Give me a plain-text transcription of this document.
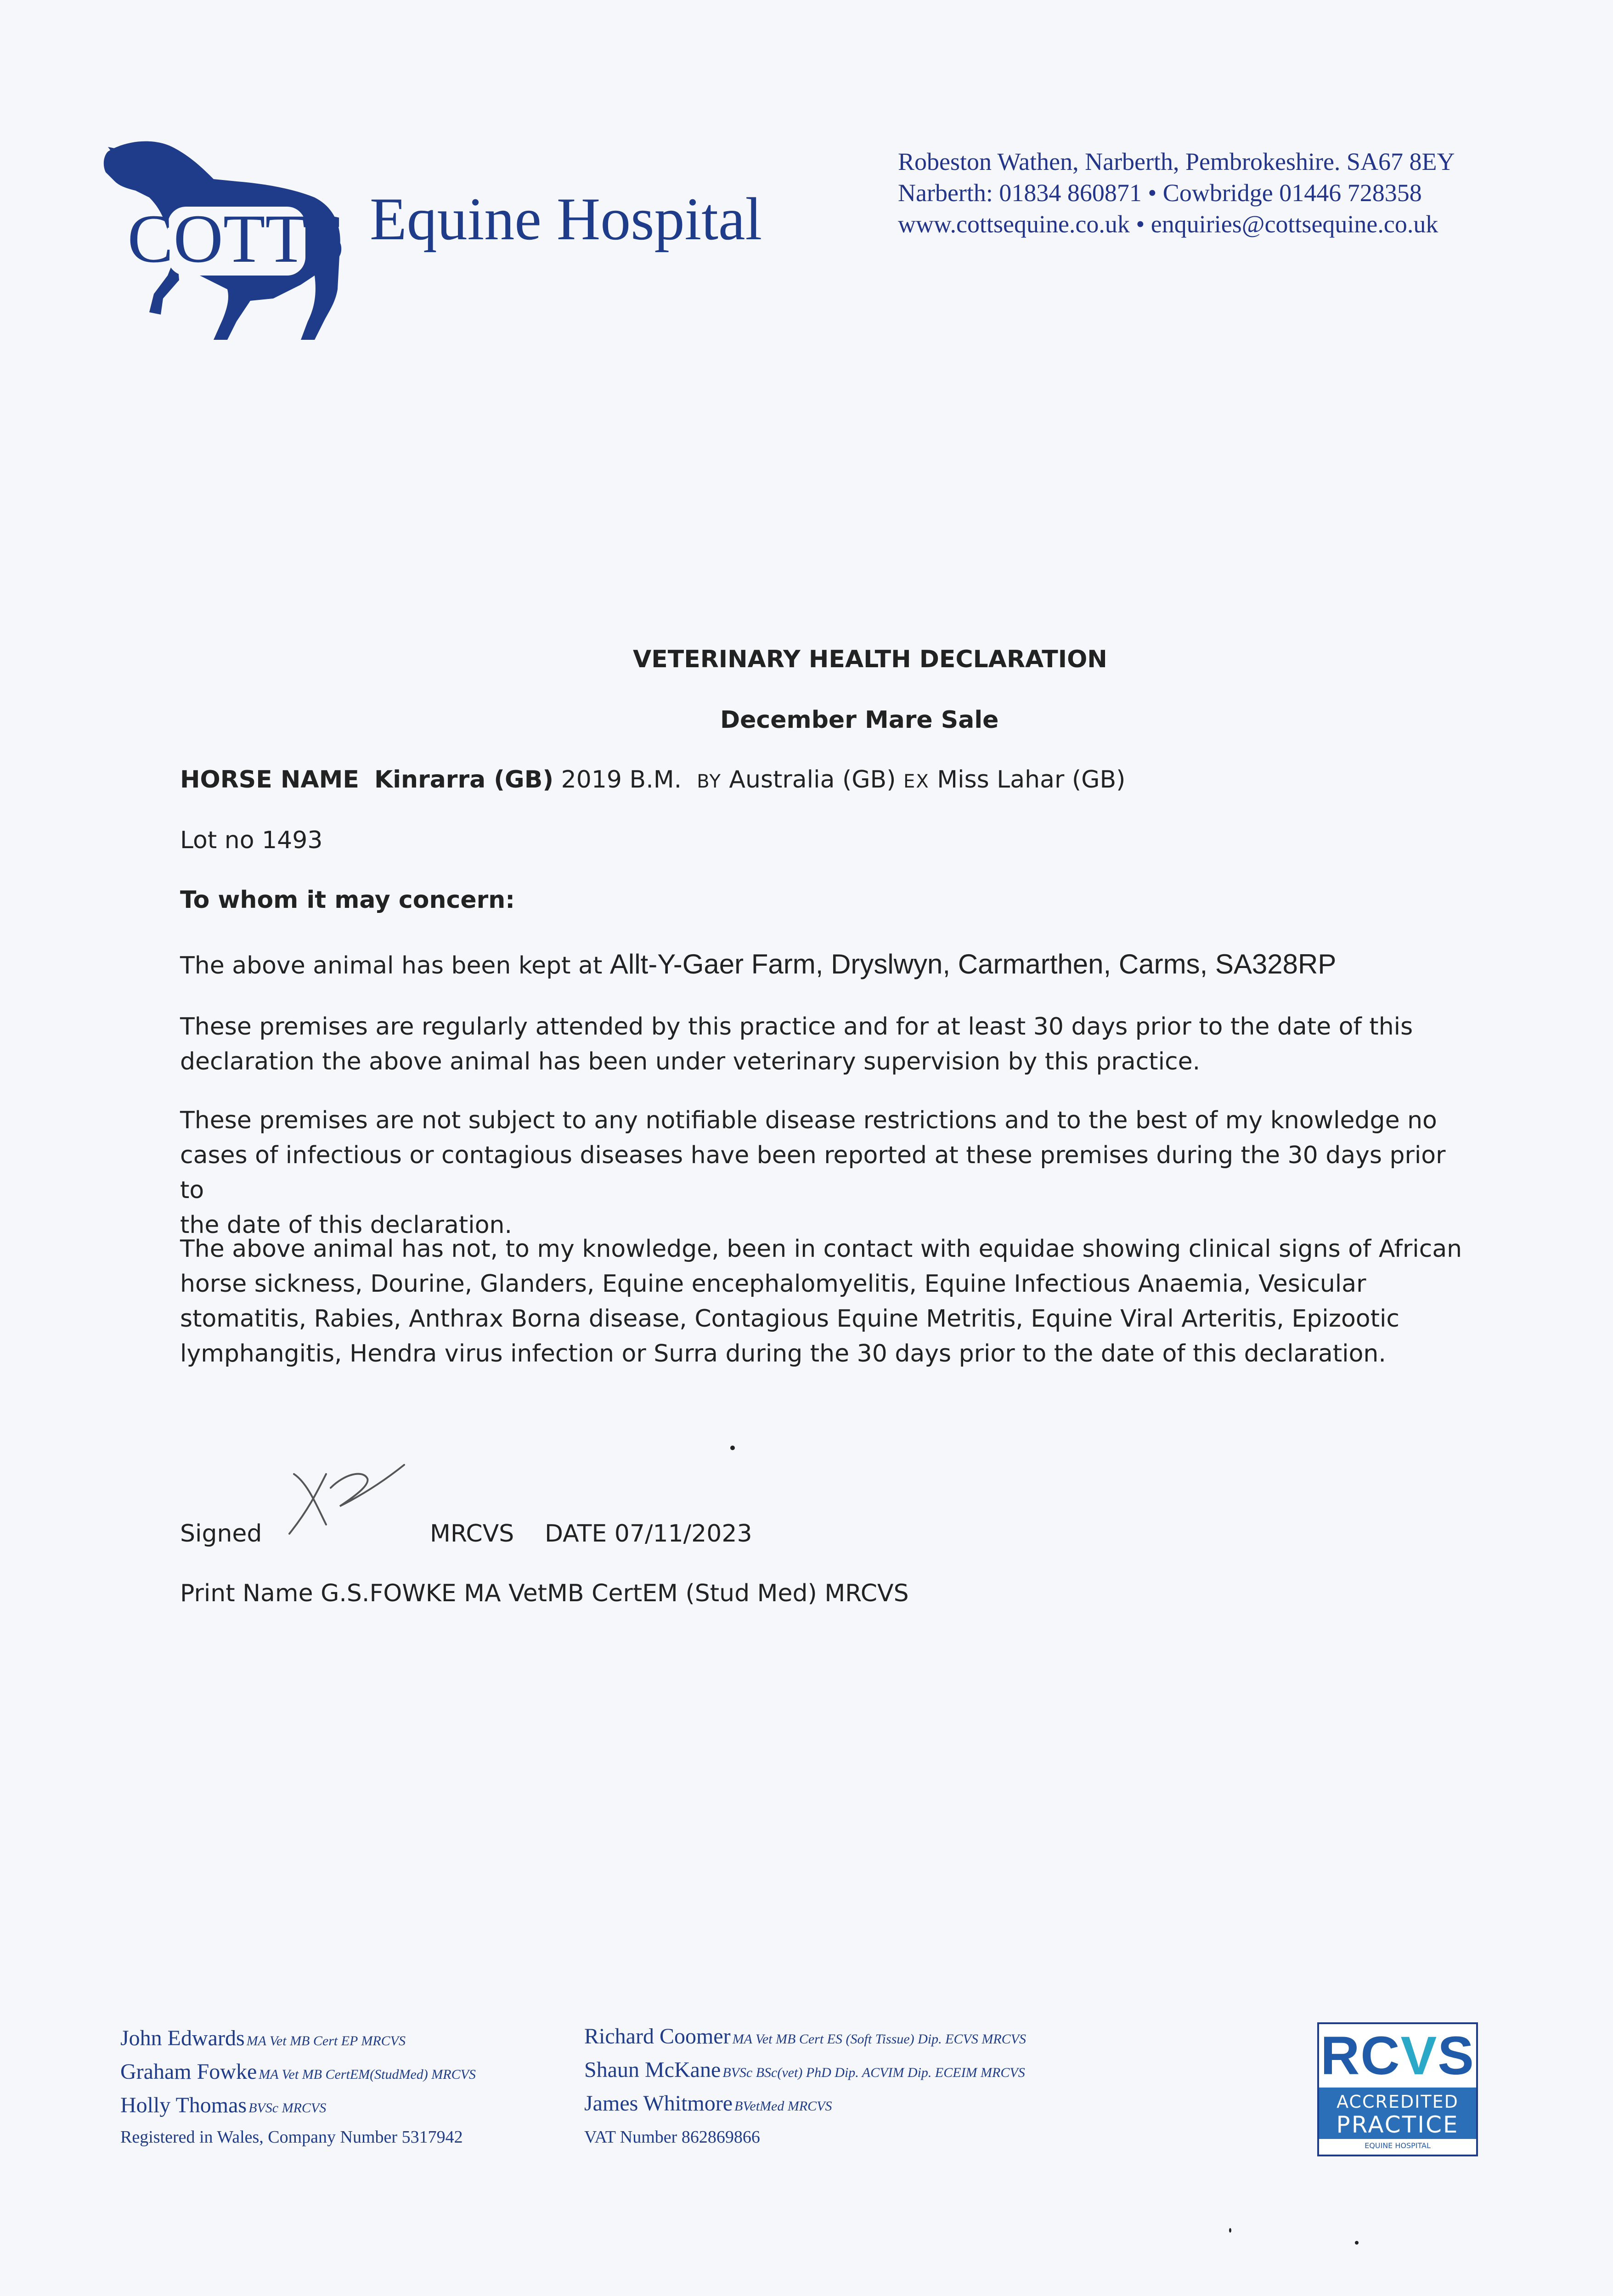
COTTS Equine Hospital
Robeston Wathen, Narberth, Pembrokeshire. SA67 8EY
Narberth: 01834 860871 • Cowbridge 01446 728358
www.cottsequine.co.uk • enquiries@cottsequine.co.uk
VETERINARY HEALTH DECLARATION
December Mare Sale
HORSE NAME Kinrarra (GB) 2019 B.M. BY Australia (GB) EX Miss Lahar (GB)
Lot no 1493
To whom it may concern:
The above animal has been kept at Allt-Y-Gaer Farm, Dryslwyn, Carmarthen, Carms, SA328RP
These premises are regularly attended by this practice and for at least 30 days prior to the date of this
declaration the above animal has been under veterinary supervision by this practice.
These premises are not subject to any notifiable disease restrictions and to the best of my knowledge no
cases of infectious or contagious diseases have been reported at these premises during the 30 days prior to
the date of this declaration.
The above animal has not, to my knowledge, been in contact with equidae showing clinical signs of African
horse sickness, Dourine, Glanders, Equine encephalomyelitis, Equine Infectious Anaemia, Vesicular
stomatitis, Rabies, Anthrax Borna disease, Contagious Equine Metritis, Equine Viral Arteritis, Epizootic
lymphangitis, Hendra virus infection or Surra during the 30 days prior to the date of this declaration.
Signed	MRCVS DATE 07/11/2023
Print Name G.S.FOWKE MA VetMB CertEM (Stud Med) MRCVS
John Edwards MA Vet MB Cert EP MRCVS
Graham Fowke MA Vet MB CertEM(StudMed) MRCVS
Holly Thomas BVSc MRCVS
Richard Coomer MA Vet MB Cert ES (Soft Tissue) Dip. ECVS MRCVS
Shaun McKane BVSc BSc(vet) PhD Dip. ACVIM Dip. ECEIM MRCVS
James Whitmore BVetMed MRCVS
Registered in Wales, Company Number 5317942	VAT Number 862869866
RCVS
ACCREDITED
PRACTICE
EQUINE HOSPITAL
